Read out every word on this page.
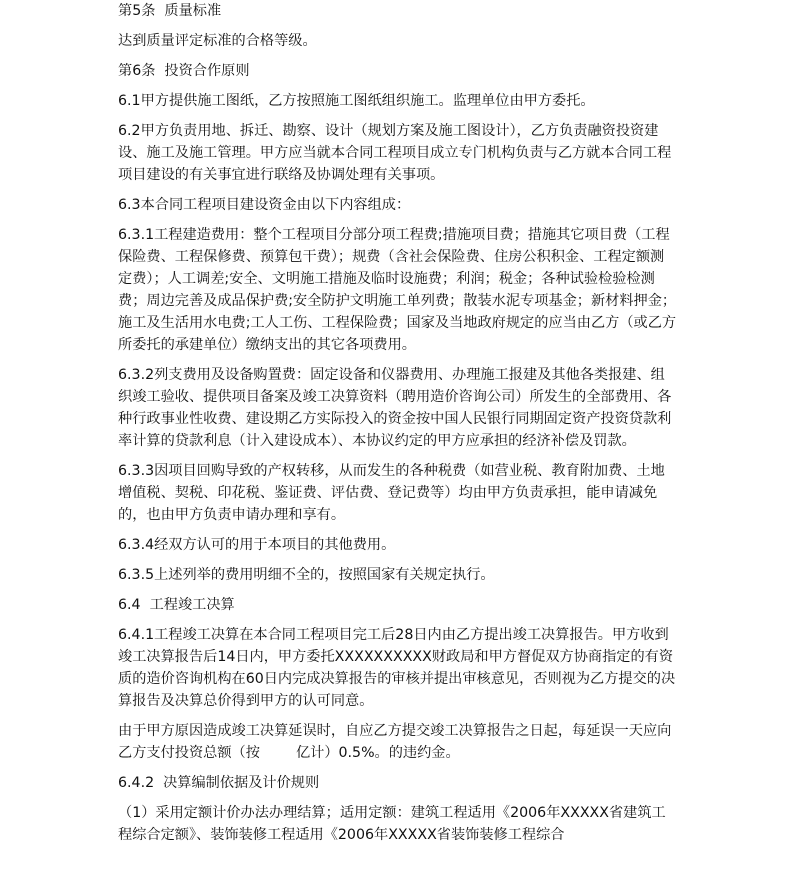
第5条  质量标准

达到质量评定标准的合格等级。

第6条  投资合作原则

6.1甲方提供施工图纸，乙方按照施工图纸组织施工。监理单位由甲方委托。

6.2甲方负责用地、拆迁、勘察、设计（规划方案及施工图设计），乙方负责融资投资建设、施工及施工管理。甲方应当就本合同工程项目成立专门机构负责与乙方就本合同工程项目建设的有关事宜进行联络及协调处理有关事项。

6.3本合同工程项目建设资金由以下内容组成：

6.3.1工程建造费用：整个工程项目分部分项工程费;措施项目费；措施其它项目费（工程保险费、工程保修费、预算包干费）；规费（含社会保险费、住房公积积金、工程定额测定费）；人工调差;安全、文明施工措施及临时设施费；利润；税金；各种试验检验检测费；周边完善及成品保护费;安全防护文明施工单列费；散装水泥专项基金；新材料押金；施工及生活用水电费;工人工伤、工程保险费；国家及当地政府规定的应当由乙方（或乙方所委托的承建单位）缴纳支出的其它各项费用。

6.3.2列支费用及设备购置费：固定设备和仪器费用、办理施工报建及其他各类报建、组织竣工验收、提供项目备案及竣工决算资料（聘用造价咨询公司）所发生的全部费用、各种行政事业性收费、建设期乙方实际投入的资金按中国人民银行同期固定资产投资贷款利率计算的贷款利息（计入建设成本）、本协议约定的甲方应承担的经济补偿及罚款。

6.3.3因项目回购导致的产权转移，从而发生的各种税费（如营业税、教育附加费、土地增值税、契税、印花税、鉴证费、评估费、登记费等）均由甲方负责承担，能申请减免的，也由甲方负责申请办理和享有。

6.3.4经双方认可的用于本项目的其他费用。

6.3.5上述列举的费用明细不全的，按照国家有关规定执行。

6.4  工程竣工决算

6.4.1工程竣工决算在本合同工程项目完工后28日内由乙方提出竣工决算报告。甲方收到竣工决算报告后14日内，甲方委托XXXXXXXXXX财政局和甲方督促双方协商指定的有资质的造价咨询机构在60日内完成决算报告的审核并提出审核意见，否则视为乙方提交的决算报告及决算总价得到甲方的认可同意。

由于甲方原因造成竣工决算延误时，自应乙方提交竣工决算报告之日起，每延误一天应向乙方支付投资总额（按        亿计）0.5%。的违约金。

6.4.2  决算编制依据及计价规则

（1）采用定额计价办法办理结算；适用定额：建筑工程适用《2006年XXXXX省建筑工程综合定额》、装饰装修工程适用《2006年XXXXX省装饰装修工程综合
